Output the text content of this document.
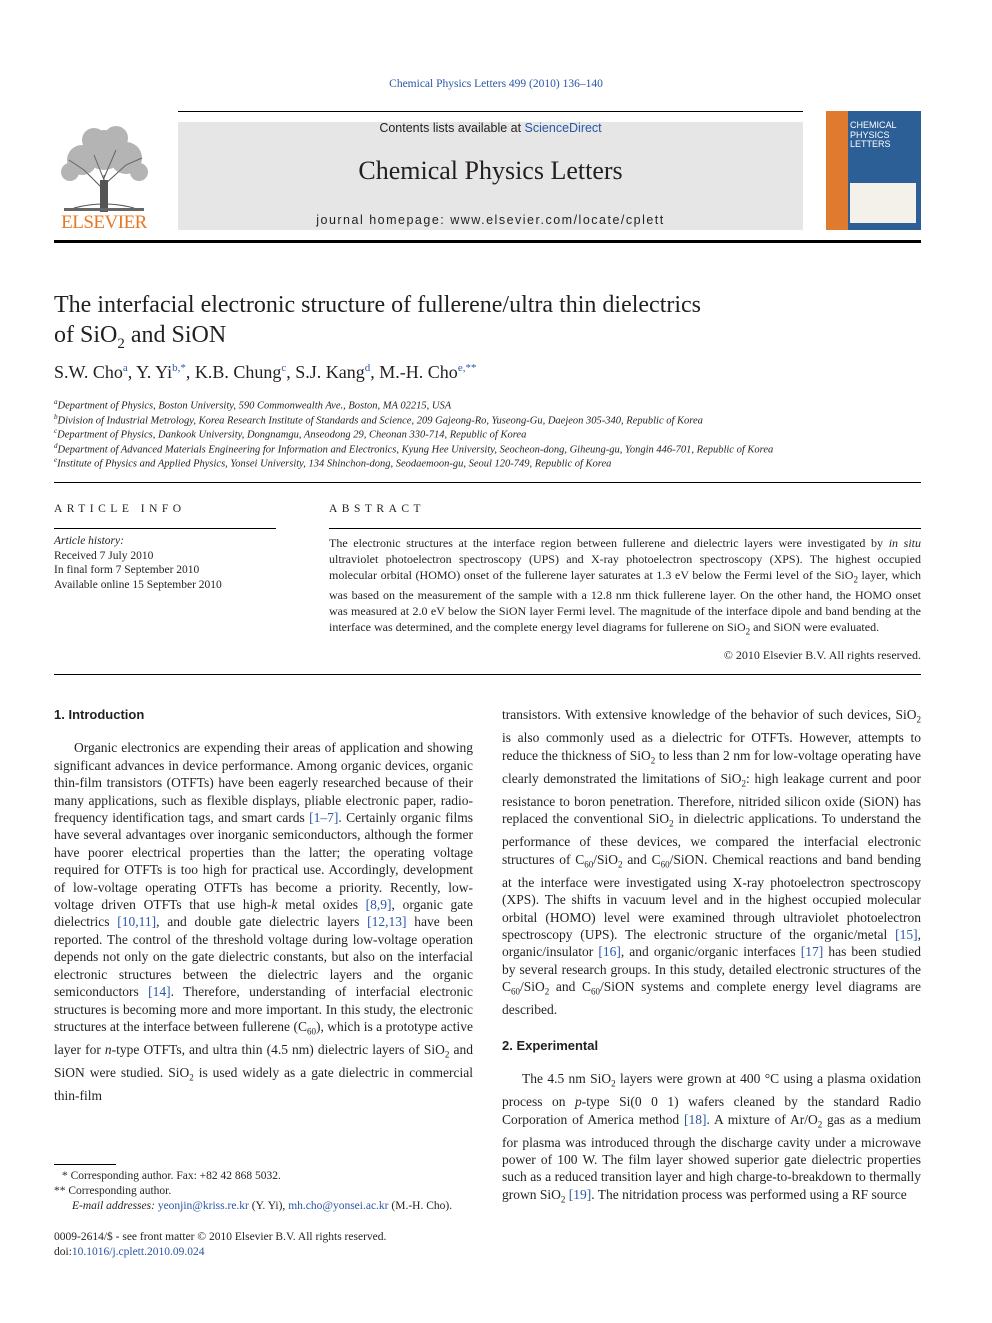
Chemical Physics Letters 499 (2010) 136–140
ELSEVIER
Contents lists available at ScienceDirect
Chemical Physics Letters
journal homepage: www.elsevier.com/locate/cplett
CHEMICAL
PHYSICS
LETTERS
The interfacial electronic structure of fullerene/ultra thin dielectrics
of SiO$_2$ and SiON
S.W. Cho$^a$, Y. $Yi^{b,*}$, K.B. Chung$^c$, S.J. Kang$^d$, M.-H. Cho$^{e,**}$
$^a$Department of Physics, Boston University, 590 Commonwealth Ave., Boston, MA 02215, USA
$^b$Division of Industrial Metrology, Korea Research Institute of Standards and Science, 209 Gajeong-Ro, Yuseong-Gu, Daejeon 305-340, Republic of Korea
$^c$Department of Physics, Dankook University, Dongnamgu, Anseodong 29, Cheonan 330-714, Republic of Korea
$^d$Department of Advanced Materials Engineering for Information and Electronics, Kyung Hee University, Seocheon-dong, Giheung-gu, Yongin 446-701, Republic of Korea
$^e$Institute of Physics and Applied Physics, Yonsei University, 134 Shinchon-dong, Seodaemoon-gu, Seoul 120-749, Republic of Korea
ARTICLE INFO
Article history:
Received 7 July 2010
In final form 7 September 2010
Available online 15 September 2010
ABSTRACT
The electronic structures at the interface region between fullerene and dielectric layers were investigated by in situ ultraviolet photoelectron spectroscopy (UPS) and X-ray photoelectron spectroscopy (XPS). The highest occupied molecular orbital (HOMO) onset of the fullerene layer saturates at 1.3 eV below the Fermi level of the SiO$_2$ layer, which was based on the measurement of the sample with a 12.8 nm thick fullerene layer. On the other hand, the HOMO onset was measured at 2.0 eV below the SiON layer Fermi level. The magnitude of the interface dipole and band bending at the interface was determined, and the complete energy level diagrams for fullerene on SiO$_2$ and SiON were evaluated.
© 2010 Elsevier B.V. All rights reserved.
1. Introduction

Organic electronics are expending their areas of application and showing significant advances in device performance. Among organic devices, organic thin-film transistors (OTFTs) have been eagerly researched because of their many applications, such as flexible displays, pliable electronic paper, radio-frequency identification tags, and smart cards [1–7]. Certainly organic films have several advantages over inorganic semiconductors, although the former have poorer electrical properties than the latter; the operating voltage required for OTFTs is too high for practical use. Accordingly, development of low-voltage operating OTFTs has become a priority. Recently, low-voltage driven OTFTs that use high-k metal oxides [8,9], organic gate dielectrics [10,11], and double gate dielectric layers [12,13] have been reported. The control of the threshold voltage during low-voltage operation depends not only on the gate dielectric constants, but also on the interfacial electronic structures between the dielectric layers and the organic semiconductors [14]. Therefore, understanding of interfacial electronic structures is becoming more and more important. In this study, the electronic structures at the interface between fullerene $(C_{60})$, which is a prototype active layer for n-type OTFTs, and ultra thin (4.5 nm) dielectric layers of SiO$_2$ and SiON were studied. SiO$_2$ is used widely as a gate dielectric in commercial thin-film

transistors. With extensive knowledge of the behavior of such devices, SiO$_2$ is also commonly used as a dielectric for OTFTs. However, attempts to reduce the thickness of SiO$_2$ to less than 2 nm for low-voltage operating have clearly demonstrated the limitations of SiO$_2$: high leakage current and poor resistance to boron penetration. Therefore, nitrided silicon oxide (SiON) has replaced the conventional SiO$_2$ in dielectric applications. To understand the performance of these devices, we compared the interfacial electronic structures of $C_{60}/SiO_2$ and $C_{60}$/SiON. Chemical reactions and band bending at the interface were investigated using X-ray photoelectron spectroscopy (XPS). The shifts in vacuum level and in the highest occupied molecular orbital (HOMO) level were examined through ultraviolet photoelectron spectroscopy (UPS). The electronic structure of the organic/metal [15], organic/insulator [16], and organic/organic interfaces [17] has been studied by several research groups. In this study, detailed electronic structures of the $C_{60}/SiO_2$ and $C_{60}$/SiON systems and complete energy level diagrams are described.

2. Experimental

The 4.5 nm SiO$_2$ layers were grown at 400 °C using a plasma oxidation process on p-type Si(0 0 1) wafers cleaned by the standard Radio Corporation of America method [18]. A mixture of $Ar/O_2$ gas as a medium for plasma was introduced through the discharge cavity under a microwave power of 100 W. The film layer showed superior gate dielectric properties such as a reduced transition layer and high charge-to-breakdown to thermally grown SiO$_2$ [19]. The nitridation process was performed using a RF source

* Corresponding author. Fax: +82 42 868 5032.
** Corresponding author.
E-mail addresses: yeonjin@kriss.re.kr (Y. Yi), mh.cho@yonsei.ac.kr (M.-H. Cho).
0009-2614/$ - see front matter © 2010 Elsevier B.V. All rights reserved.
doi:10.1016/j.cplett.2010.09.024
